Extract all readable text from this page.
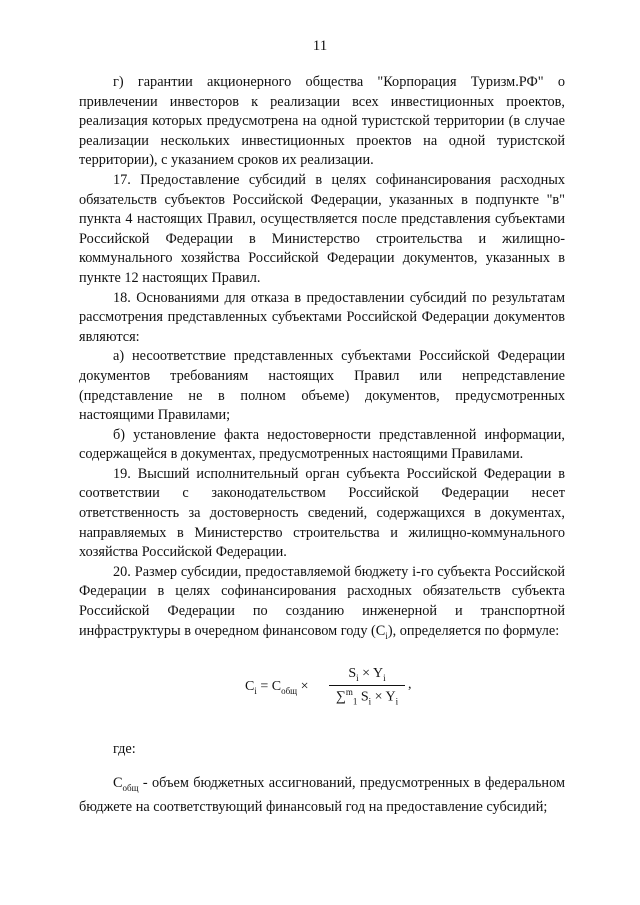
11

г) гарантии акционерного общества "Корпорация Туризм.РФ" о привлечении инвесторов к реализации всех инвестиционных проектов, реализация которых предусмотрена на одной туристской территории (в случае реализации нескольких инвестиционных проектов на одной туристской территории), с указанием сроков их реализации.

17. Предоставление субсидий в целях софинансирования расходных обязательств субъектов Российской Федерации, указанных в подпункте "в" пункта 4 настоящих Правил, осуществляется после представления субъектами Российской Федерации в Министерство строительства и жилищно-коммунального хозяйства Российской Федерации документов, указанных в пункте 12 настоящих Правил.

18. Основаниями для отказа в предоставлении субсидий по результатам рассмотрения представленных субъектами Российской Федерации документов являются:

а) несоответствие представленных субъектами Российской Федерации документов требованиям настоящих Правил или непредставление (представление не в полном объеме) документов, предусмотренных настоящими Правилами;

б) установление факта недостоверности представленной информации, содержащейся в документах, предусмотренных настоящими Правилами.

19. Высший исполнительный орган субъекта Российской Федерации в соответствии с законодательством Российской Федерации несет ответственность за достоверность сведений, содержащихся в документах, направляемых в Министерство строительства и жилищно-коммунального хозяйства Российской Федерации.

20. Размер субсидии, предоставляемой бюджету i-го субъекта Российской Федерации в целях софинансирования расходных обязательств субъекта Российской Федерации по созданию инженерной и транспортной инфраструктуры в очередном финансовом году $(C_i)$, определяется по формуле:

$C_i = C_{общ} \times \frac{S_i \times Y_i}{\sum^m_1 S_i \times Y_i}$ ,

где:

$C_{общ}$ - объем бюджетных ассигнований, предусмотренных в федеральном бюджете на соответствующий финансовый год на предоставление субсидий;
